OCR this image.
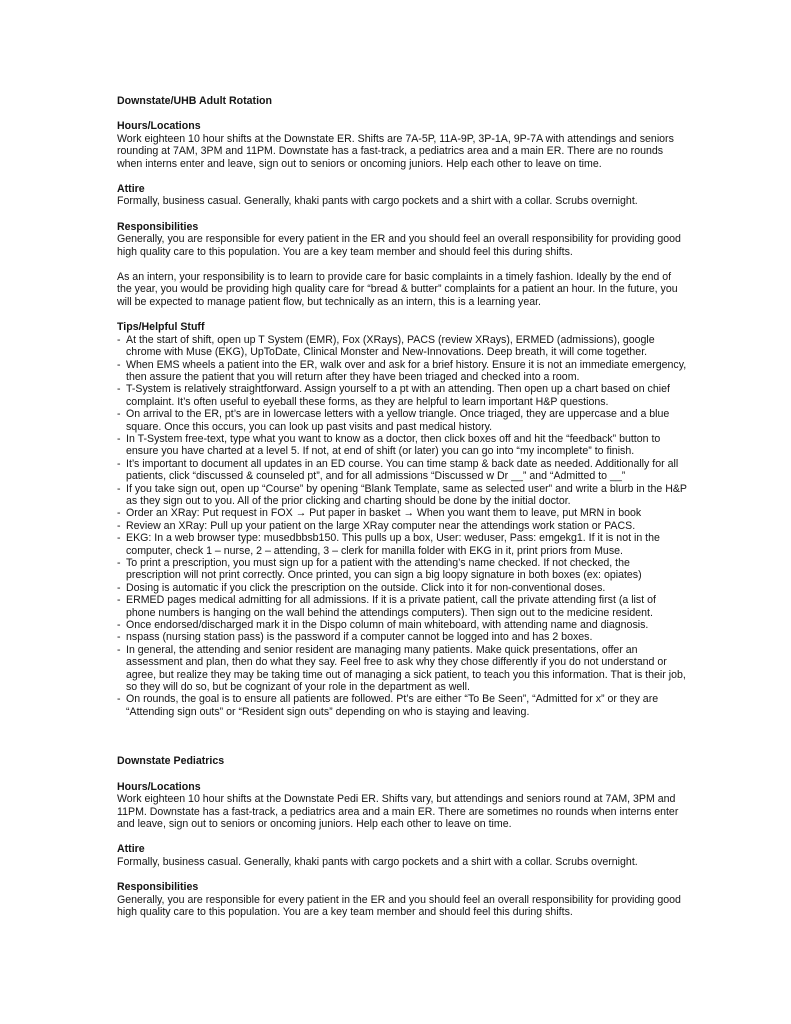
Downstate/UHB Adult Rotation
Hours/Locations
Work eighteen 10 hour shifts at the Downstate ER. Shifts are 7A-5P, 11A-9P, 3P-1A, 9P-7A with attendings and seniors rounding at 7AM, 3PM and 11PM. Downstate has a fast-track, a pediatrics area and a main ER. There are no rounds when interns enter and leave, sign out to seniors or oncoming juniors. Help each other to leave on time.
Attire
Formally, business casual. Generally, khaki pants with cargo pockets and a shirt with a collar. Scrubs overnight.
Responsibilities
Generally, you are responsible for every patient in the ER and you should feel an overall responsibility for providing good high quality care to this population. You are a key team member and should feel this during shifts.
As an intern, your responsibility is to learn to provide care for basic complaints in a timely fashion. Ideally by the end of the year, you would be providing high quality care for “bread & butter” complaints for a patient an hour. In the future, you will be expected to manage patient flow, but technically as an intern, this is a learning year.
Tips/Helpful Stuff
- At the start of shift, open up T System (EMR), Fox (XRays), PACS (review XRays), ERMED (admissions), google chrome with Muse (EKG), UpToDate, Clinical Monster and New-Innovations. Deep breath, it will come together.
- When EMS wheels a patient into the ER, walk over and ask for a brief history. Ensure it is not an immediate emergency, then assure the patient that you will return after they have been triaged and checked into a room.
- T-System is relatively straightforward. Assign yourself to a pt with an attending. Then open up a chart based on chief complaint. It’s often useful to eyeball these forms, as they are helpful to learn important H&P questions.
- On arrival to the ER, pt’s are in lowercase letters with a yellow triangle. Once triaged, they are uppercase and a blue square. Once this occurs, you can look up past visits and past medical history.
- In T-System free-text, type what you want to know as a doctor, then click boxes off and hit the “feedback” button to ensure you have charted at a level 5. If not, at end of shift (or later) you can go into “my incomplete” to finish.
- It’s important to document all updates in an ED course. You can time stamp & back date as needed. Additionally for all patients, click “discussed & counseled pt”, and for all admissions “Discussed w Dr __” and “Admitted to __”
- If you take sign out, open up “Course” by opening “Blank Template, same as selected user” and write a blurb in the H&P as they sign out to you. All of the prior clicking and charting should be done by the initial doctor.
- Order an XRay: Put request in FOX → Put paper in basket → When you want them to leave, put MRN in book
- Review an XRay: Pull up your patient on the large XRay computer near the attendings work station or PACS.
- EKG: In a web browser type: musedbbsb150. This pulls up a box, User: weduser, Pass: emgekg1. If it is not in the computer, check 1 – nurse, 2 – attending, 3 – clerk for manilla folder with EKG in it, print priors from Muse.
- To print a prescription, you must sign up for a patient with the attending’s name checked. If not checked, the prescription will not print correctly. Once printed, you can sign a big loopy signature in both boxes (ex: opiates)
- Dosing is automatic if you click the prescription on the outside. Click into it for non-conventional doses.
- ERMED pages medical admitting for all admissions. If it is a private patient, call the private attending first (a list of phone numbers is hanging on the wall behind the attendings computers). Then sign out to the medicine resident.
- Once endorsed/discharged mark it in the Dispo column of main whiteboard, with attending name and diagnosis.
- nspass (nursing station pass) is the password if a computer cannot be logged into and has 2 boxes.
- In general, the attending and senior resident are managing many patients. Make quick presentations, offer an assessment and plan, then do what they say. Feel free to ask why they chose differently if you do not understand or agree, but realize they may be taking time out of managing a sick patient, to teach you this information. That is their job, so they will do so, but be cognizant of your role in the department as well.
- On rounds, the goal is to ensure all patients are followed. Pt’s are either “To Be Seen”, “Admitted for x” or they are “Attending sign outs” or “Resident sign outs” depending on who is staying and leaving.
Downstate Pediatrics
Hours/Locations
Work eighteen 10 hour shifts at the Downstate Pedi ER. Shifts vary, but attendings and seniors round at 7AM, 3PM and 11PM. Downstate has a fast-track, a pediatrics area and a main ER. There are sometimes no rounds when interns enter and leave, sign out to seniors or oncoming juniors. Help each other to leave on time.
Attire
Formally, business casual. Generally, khaki pants with cargo pockets and a shirt with a collar. Scrubs overnight.
Responsibilities
Generally, you are responsible for every patient in the ER and you should feel an overall responsibility for providing good high quality care to this population. You are a key team member and should feel this during shifts.
